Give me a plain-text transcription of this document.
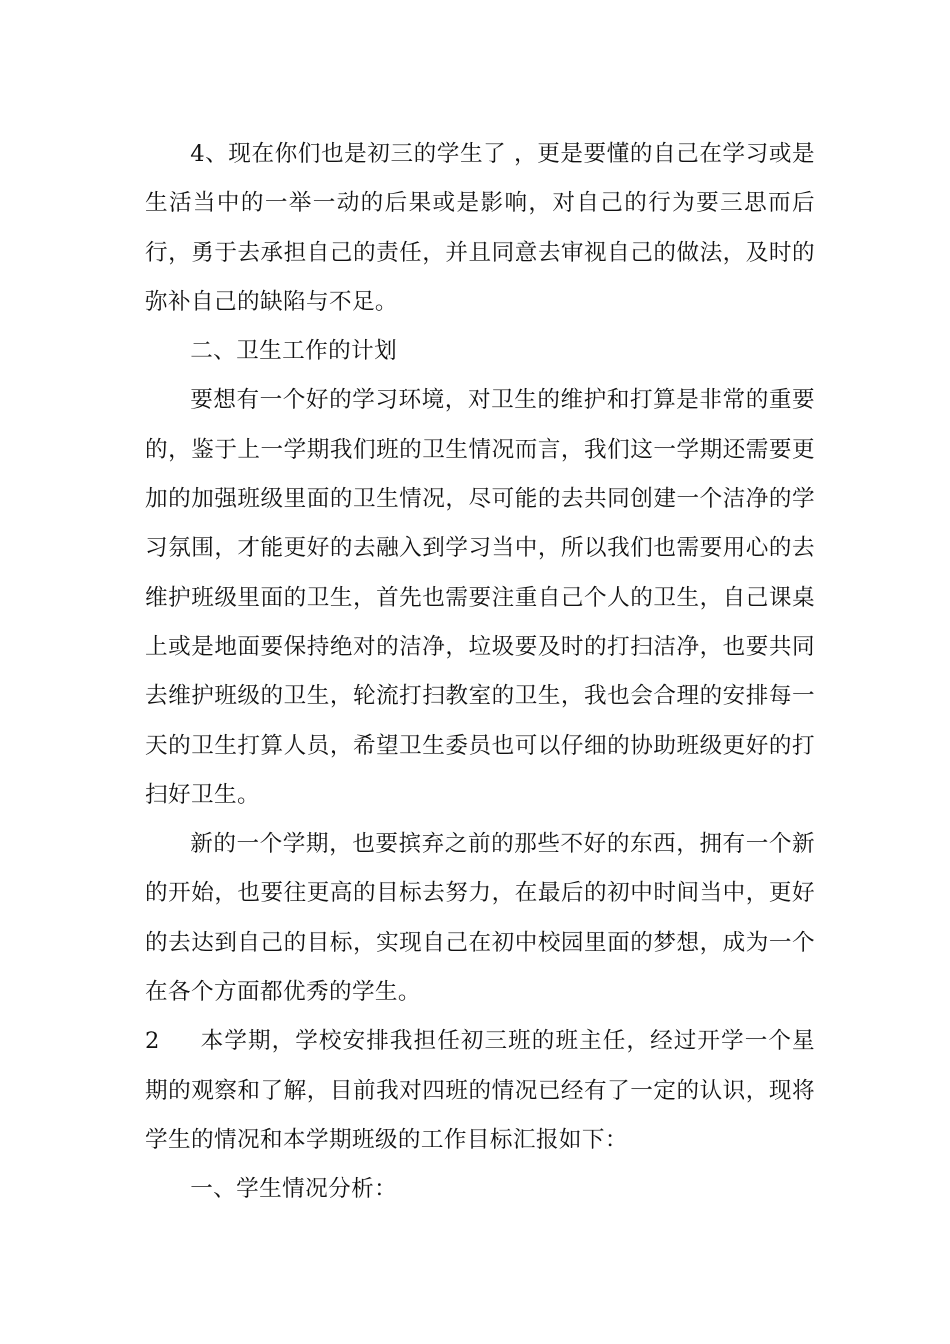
4、现在你们也是初三的学生了 ，更是要懂的自己在学习或是生活当中的一举一动的后果或是影响，对自己的行为要三思而后行，勇于去承担自己的责任，并且同意去审视自己的做法，及时的弥补自己的缺陷与不足。

二、卫生工作的计划

要想有一个好的学习环境，对卫生的维护和打算是非常的重要的，鉴于上一学期我们班的卫生情况而言，我们这一学期还需要更加的加强班级里面的卫生情况，尽可能的去共同创建一个洁净的学习氛围，才能更好的去融入到学习当中，所以我们也需要用心的去维护班级里面的卫生，首先也需要注重自己个人的卫生，自己课桌上或是地面要保持绝对的洁净，垃圾要及时的打扫洁净，也要共同去维护班级的卫生，轮流打扫教室的卫生，我也会合理的安排每一天的卫生打算人员，希望卫生委员也可以仔细的协助班级更好的打扫好卫生。

新的一个学期，也要摈弃之前的那些不好的东西，拥有一个新的开始，也要往更高的目标去努力，在最后的初中时间当中，更好的去达到自己的目标，实现自己在初中校园里面的梦想，成为一个在各个方面都优秀的学生。

2 本学期，学校安排我担任初三班的班主任，经过开学一个星期的观察和了解，目前我对四班的情况已经有了一定的认识，现将学生的情况和本学期班级的工作目标汇报如下：

一、学生情况分析：
